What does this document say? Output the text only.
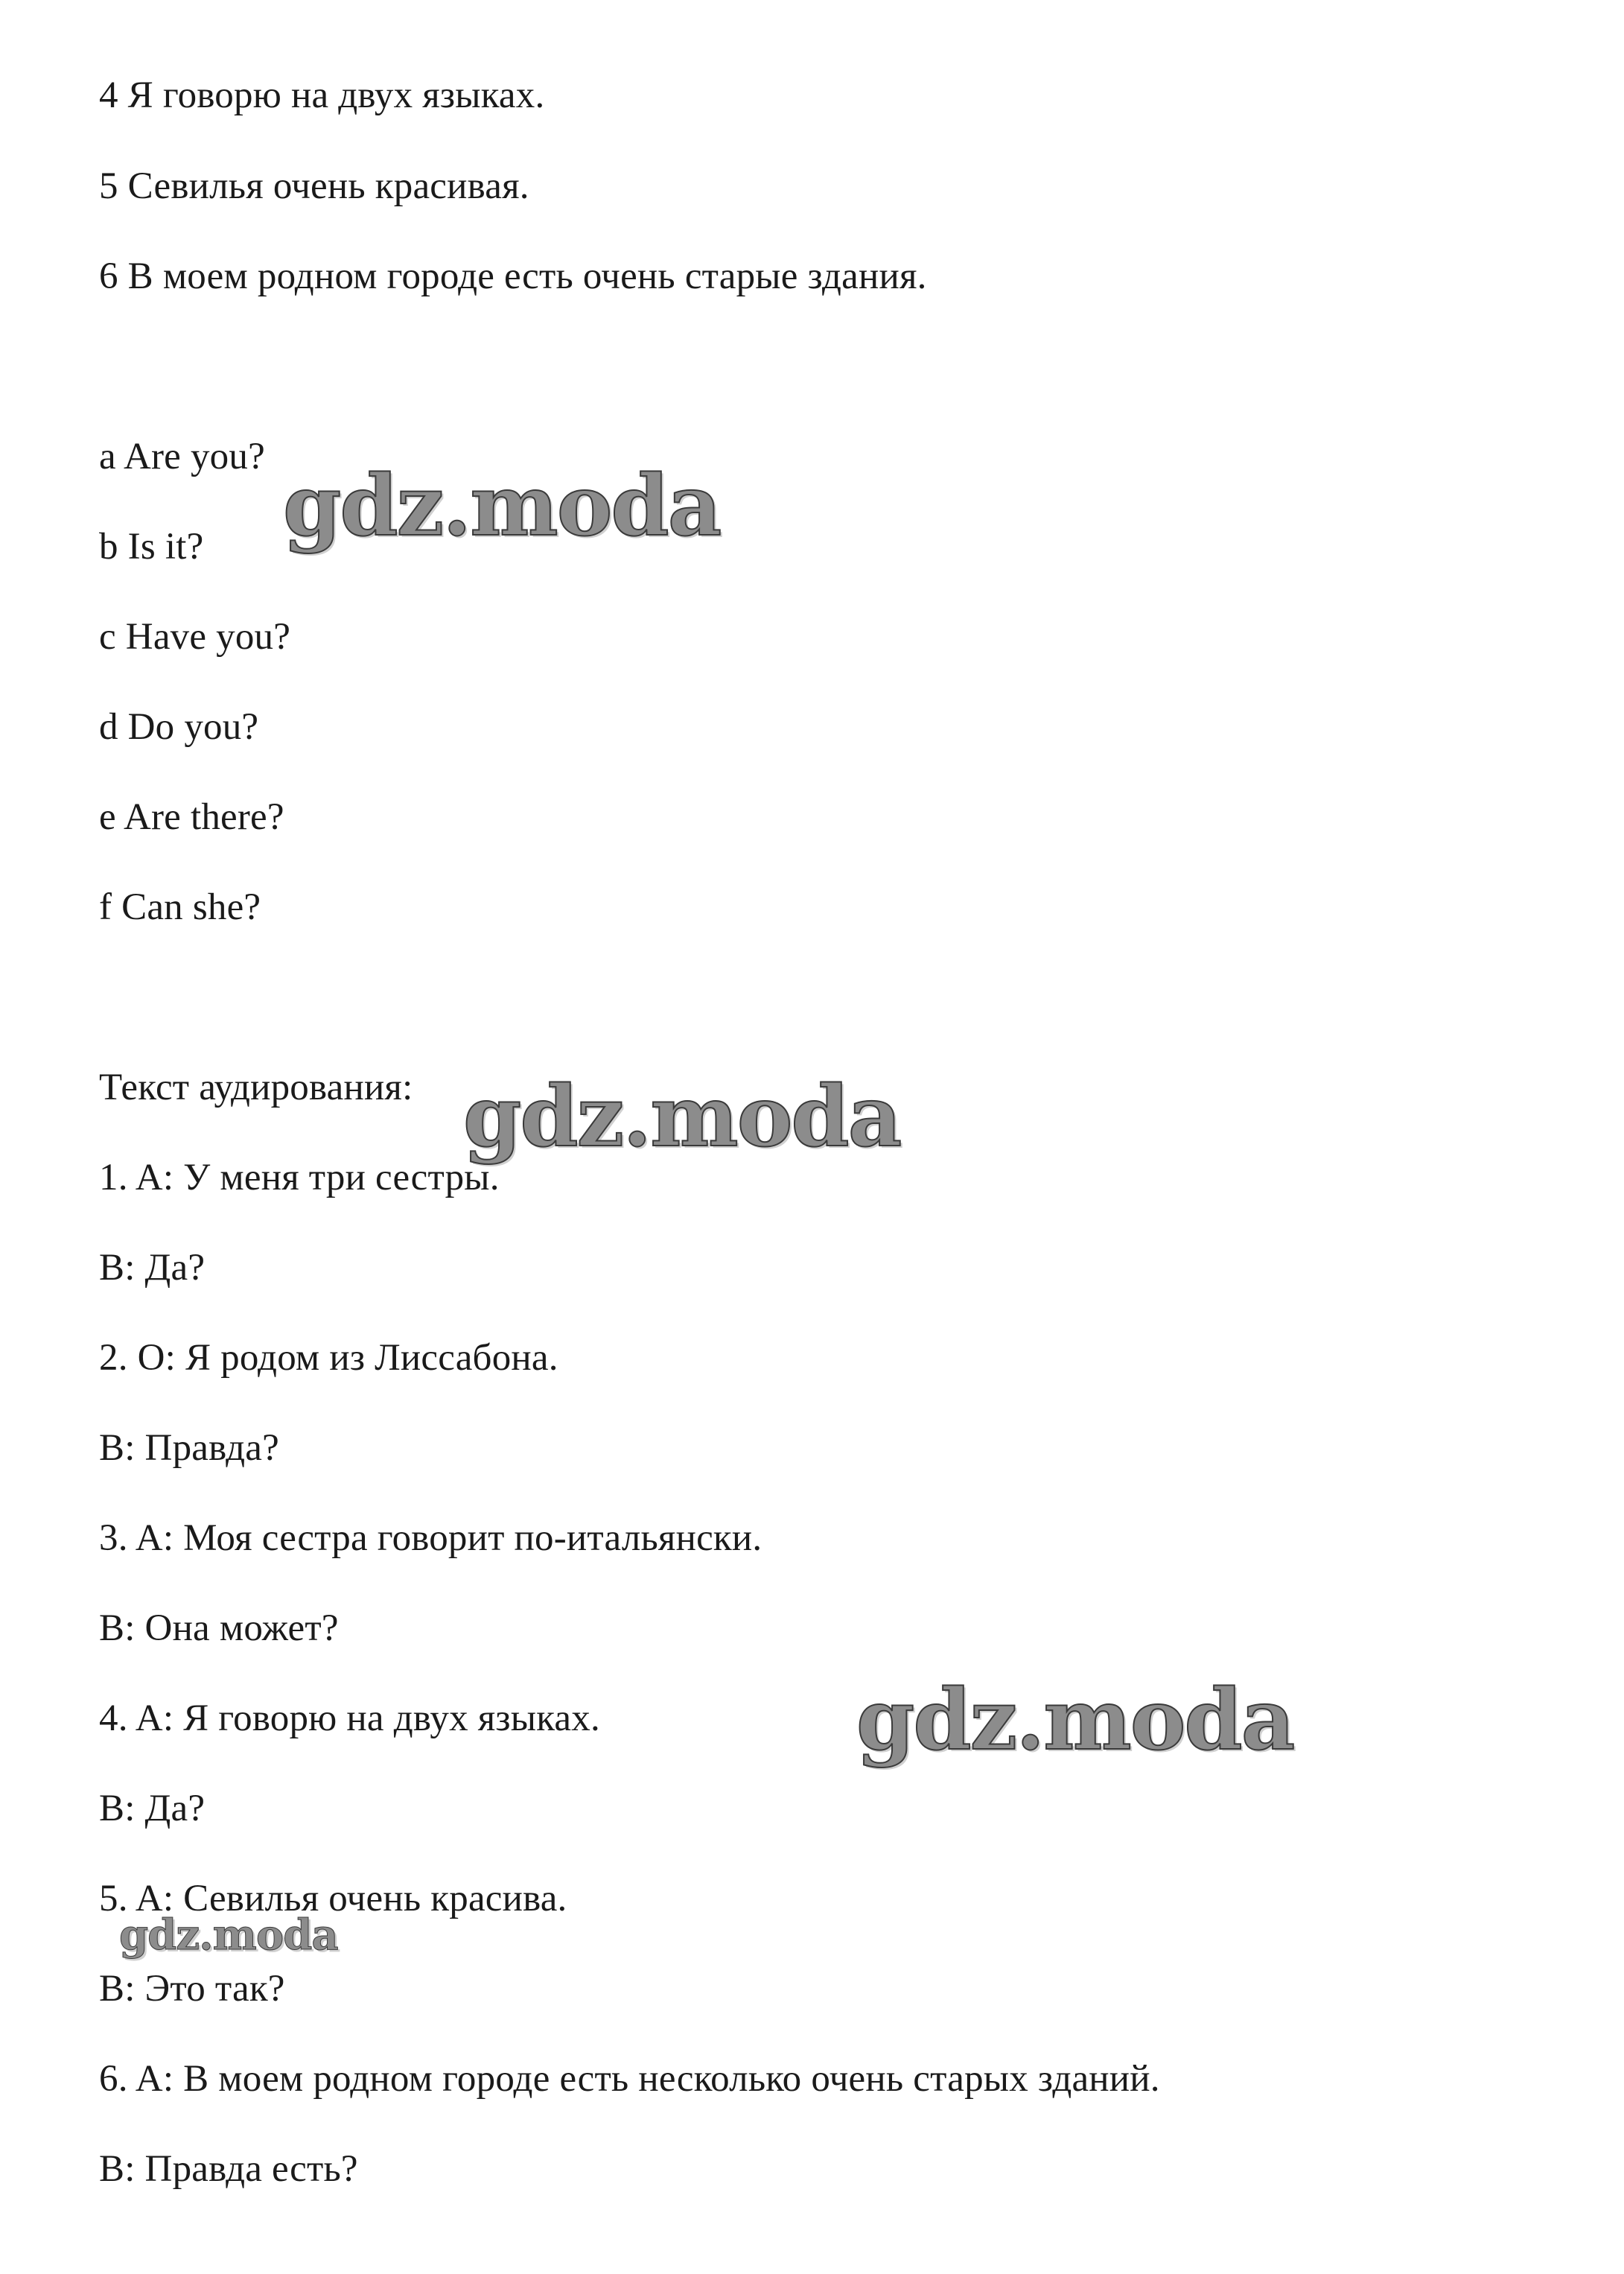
4 Я говорю на двух языках.
5 Севилья очень красивая.
6 В моем родном городе есть очень старые здания.
a Are you?
b Is it?
c Have you?
d Do you?
e Are there?
f Can she?
Текст аудирования:
1. A: У меня три сестры.
B: Да?
2. O: Я родом из Лиссабона.
B: Правда?
3. A: Моя сестра говорит по-итальянски.
B: Она может?
4. A: Я говорю на двух языках.
B: Да?
5. A: Севилья очень красива.
B: Это так?
6. A: В моем родном городе есть несколько очень старых зданий.
B: Правда есть?
gdz.moda
gdz.moda
gdz.moda
gdz.moda
